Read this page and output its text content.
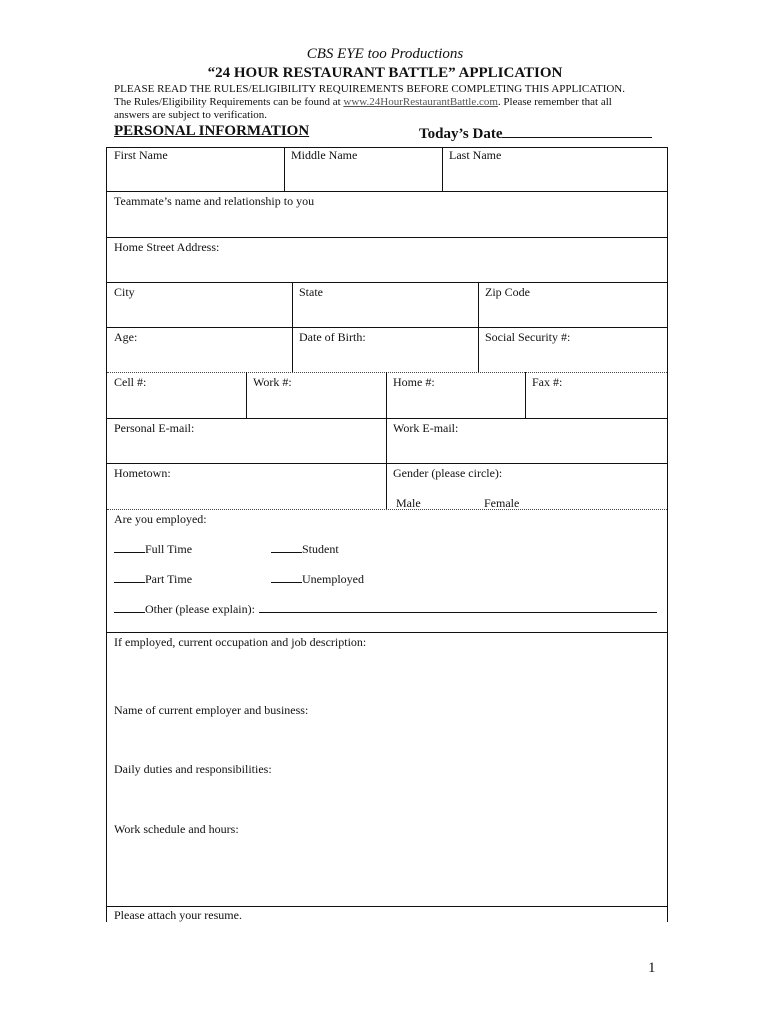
CBS EYE too Productions
“24 HOUR RESTAURANT BATTLE” APPLICATION
PLEASE READ THE RULES/ELIGIBILITY REQUIREMENTS BEFORE COMPLETING THIS APPLICATION.
The Rules/Eligibility Requirements can be found at www.24HourRestaurantBattle.com. Please remember that all
answers are subject to verification.
PERSONAL INFORMATION	Today’s Date
First Name	Middle Name	Last Name
Teammate’s name and relationship to you
Home Street Address:
City	State	Zip Code
Age:	Date of Birth:	Social Security #:
Cell #:	Work #:	Home #:	Fax #:
Personal E-mail:	Work E-mail:
Hometown:	Gender (please circle):
Male	Female
Are you employed:
Full Time	Student
Part Time	Unemployed
Other (please explain):
If employed, current occupation and job description:
Name of current employer and business:
Daily duties and responsibilities:
Work schedule and hours:
Please attach your resume.
1
